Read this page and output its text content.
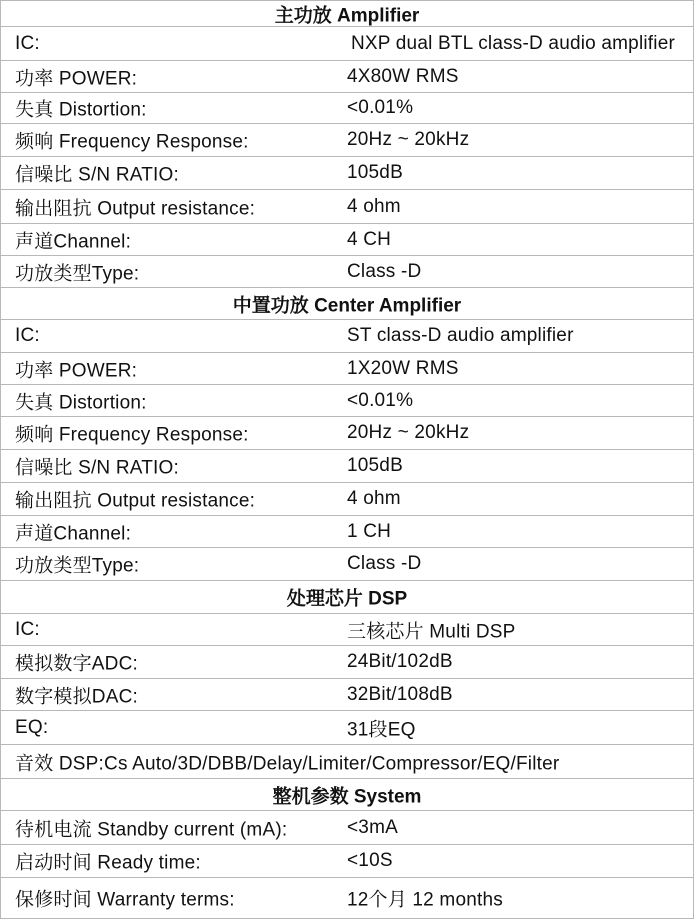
主功放 Amplifier
IC:	NXP dual BTL class-D audio amplifier
功率 POWER:	4X80W RMS
失真 Distortion:	<0.01%
频响 Frequency Response:	20Hz ~ 20kHz
信噪比 S/N RATIO:	105dB
输出阻抗 Output resistance:	4 ohm
声道Channel:	4 CH
功放类型Type:	Class -D
中置功放 Center Amplifier
IC:	ST class-D audio amplifier
功率 POWER:	1X20W RMS
失真 Distortion:	<0.01%
频响 Frequency Response:	20Hz ~ 20kHz
信噪比 S/N RATIO:	105dB
输出阻抗 Output resistance:	4 ohm
声道Channel:	1 CH
功放类型Type:	Class -D
处理芯片 DSP
IC:	三核芯片 Multi DSP
模拟数字ADC:	24Bit/102dB
数字模拟DAC:	32Bit/108dB
EQ:	31段EQ
音效 DSP:Cs Auto/3D/DBB/Delay/Limiter/Compressor/EQ/Filter
整机参数 System
待机电流 Standby current (mA):	<3mA
启动时间 Ready time:	<10S
保修时间 Warranty terms:	12个月 12 months
